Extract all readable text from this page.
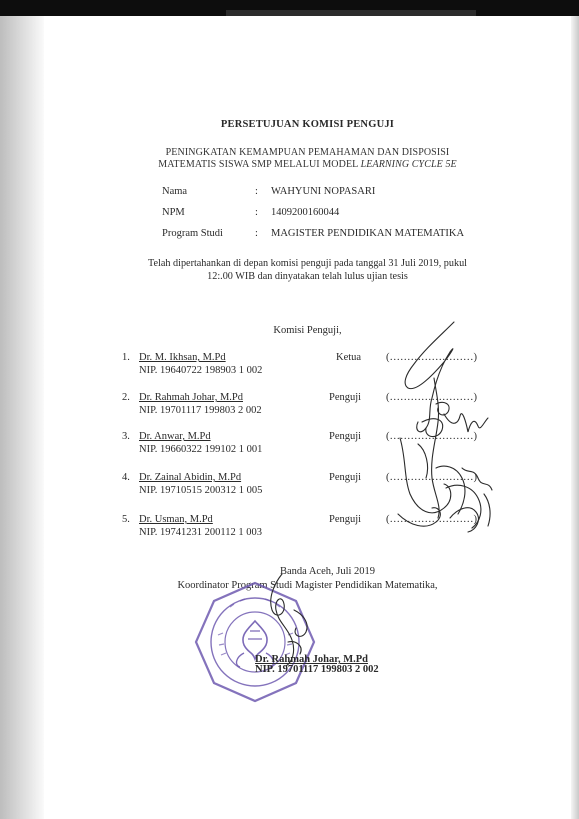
PERSETUJUAN KOMISI PENGUJI
PENINGKATAN KEMAMPUAN PEMAHAMAN DAN DISPOSISI
MATEMATIS SISWA SMP MELALUI MODEL LEARNING CYCLE 5E
Nama	: WAHYUNI NOPASARI
NPM	: 1409200160044
Program Studi	: MAGISTER PENDIDIKAN MATEMATIKA
Telah dipertahankan di depan komisi penguji pada tanggal 31 Juli 2019, pukul
12:.00 WIB dan dinyatakan telah lulus ujian tesis
Komisi Penguji,
1. Dr. M. Ikhsan, M.Pd
NIP. 19640722 198903 1 002
Ketua (……………………)
2. Dr. Rahmah Johar, M.Pd
NIP. 19701117 199803 2 002
Penguji (……………………)
3. Dr. Anwar, M.Pd
NIP. 19660322 199102 1 001
Penguji (……………………)
4. Dr. Zainal Abidin, M.Pd
NIP. 19710515 200312 1 005
Penguji (……………………)
5. Dr. Usman, M.Pd
NIP. 19741231 200112 1 003
Penguji (……………………)
Banda Aceh, Juli 2019
Koordinator Program Studi Magister Pendidikan Matematika,
Dr. Rahmah Johar, M.Pd
NIP. 19701117 199803 2 002
